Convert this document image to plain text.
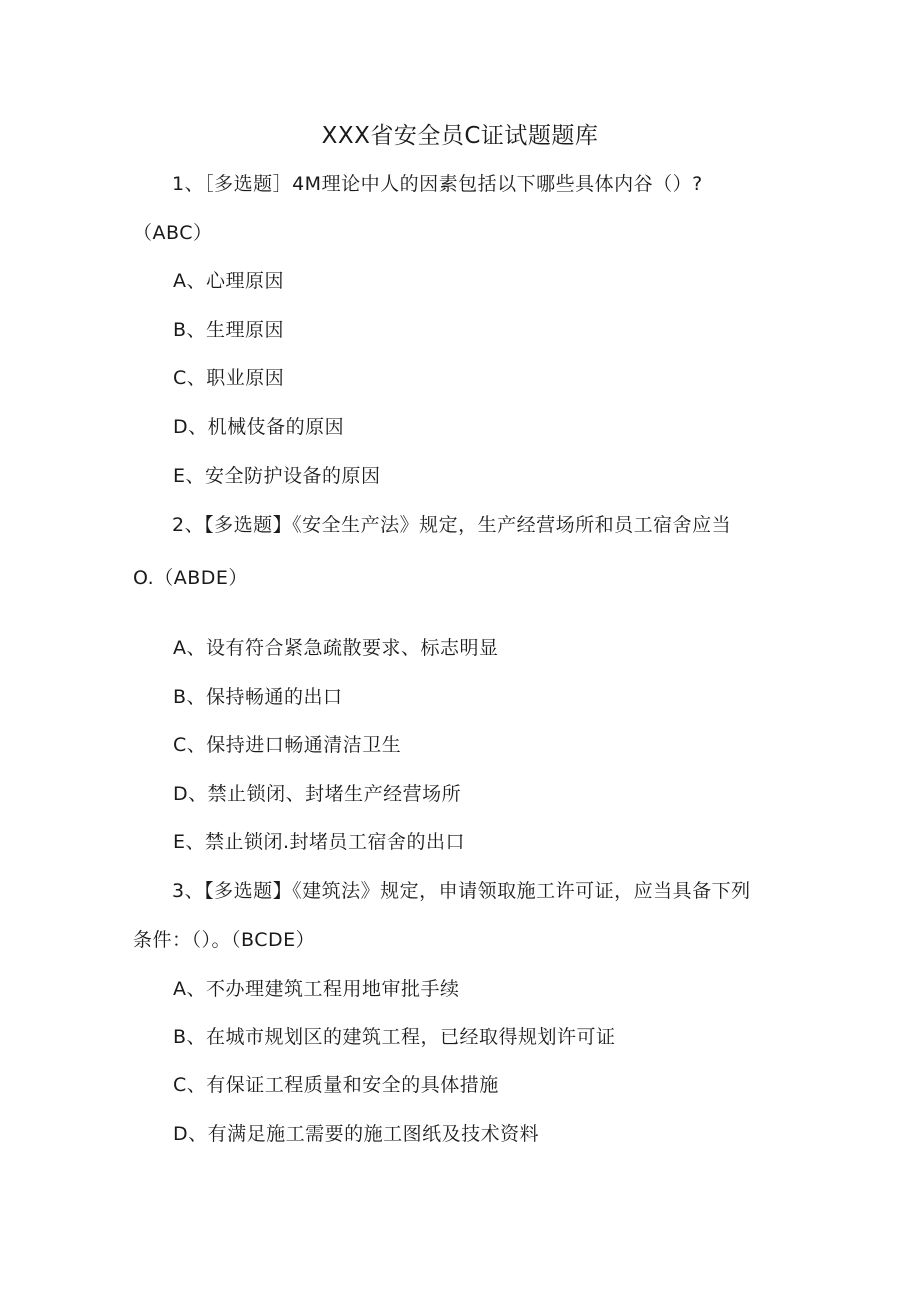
XXX省安全员C证试题题库
1、［多选题］4M理论中人的因素包括以下哪些具体内谷（）?
（ABC）
A、心理原因
B、生理原因
C、职业原因
D、机械伎备的原因
E、安全防护设备的原因
2、【多选题】《安全生产法》规定，生产经营场所和员工宿舍应当
O.（ABDE）
A、设有符合紧急疏散要求、标志明显
B、保持畅通的出口
C、保持进口畅通清洁卫生
D、禁止锁闭、封堵生产经营场所
E、禁止锁闭.封堵员工宿舍的出口
3、【多选题】《建筑法》规定，申请领取施工许可证，应当具备下列
条件：（）。（BCDE）
A、不办理建筑工程用地审批手续
B、在城市规划区的建筑工程，已经取得规划许可证
C、有保证工程质量和安全的具体措施
D、有满足施工需要的施工图纸及技术资料
